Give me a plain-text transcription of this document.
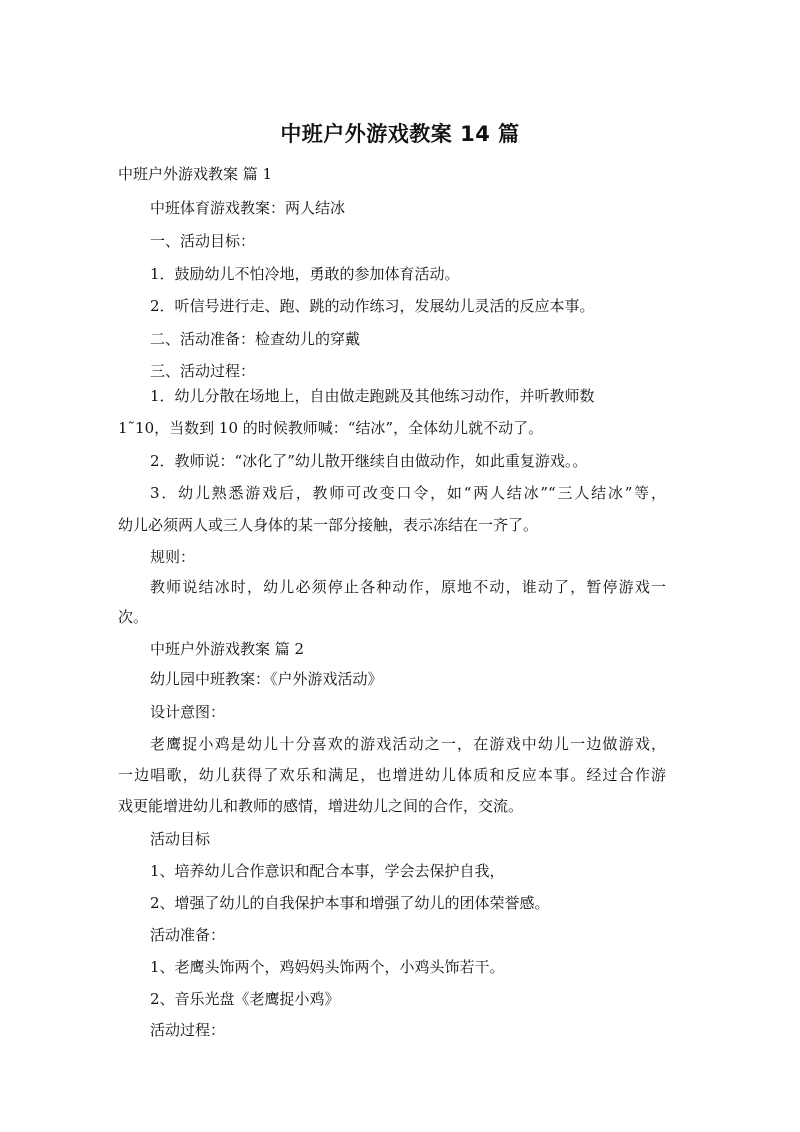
中班户外游戏教案 14 篇
中班户外游戏教案 篇 1
中班体育游戏教案：两人结冰
一、活动目标：
1．鼓励幼儿不怕冷地，勇敢的参加体育活动。
2．听信号进行走、跑、跳的动作练习，发展幼儿灵活的反应本事。
二、活动准备：检查幼儿的穿戴
三、活动过程：
1．幼儿分散在场地上，自由做走跑跳及其他练习动作，并听教师数
1˜10，当数到 10 的时候教师喊：“结冰”，全体幼儿就不动了。
2．教师说：“冰化了”幼儿散开继续自由做动作，如此重复游戏。。
3．幼儿熟悉游戏后，教师可改变口令，如“两人结冰”“三人结冰”等，
幼儿必须两人或三人身体的某一部分接触，表示冻结在一齐了。
规则：
教师说结冰时，幼儿必须停止各种动作，原地不动，谁动了，暂停游戏一
次。
中班户外游戏教案 篇 2
幼儿园中班教案：《户外游戏活动》
设计意图：
老鹰捉小鸡是幼儿十分喜欢的游戏活动之一，在游戏中幼儿一边做游戏，
一边唱歌，幼儿获得了欢乐和满足，也增进幼儿体质和反应本事。经过合作游
戏更能增进幼儿和教师的感情，增进幼儿之间的合作，交流。
活动目标
1、培养幼儿合作意识和配合本事，学会去保护自我，
2、增强了幼儿的自我保护本事和增强了幼儿的团体荣誉感。
活动准备：
1、老鹰头饰两个，鸡妈妈头饰两个，小鸡头饰若干。
2、音乐光盘《老鹰捉小鸡》
活动过程：
